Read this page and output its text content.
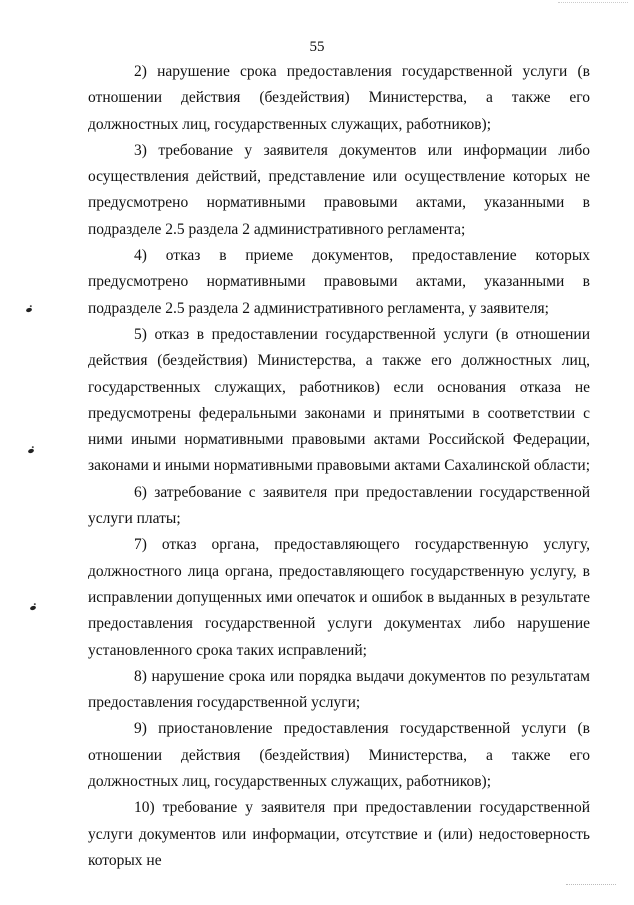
55

2) нарушение срока предоставления государственной услуги (в отношении действия (бездействия) Министерства, а также его должностных лиц, государственных служащих, работников);

3) требование у заявителя документов или информации либо осуществления действий, представление или осуществление которых не предусмотрено нормативными правовыми актами, указанными в подразделе 2.5 раздела 2 административного регламента;

4) отказ в приеме документов, предоставление которых предусмотрено нормативными правовыми актами, указанными в подразделе 2.5 раздела 2 административного регламента, у заявителя;

5) отказ в предоставлении государственной услуги (в отношении действия (бездействия) Министерства, а также его должностных лиц, государственных служащих, работников) если основания отказа не предусмотрены федеральными законами и принятыми в соответствии с ними иными нормативными правовыми актами Российской Федерации, законами и иными нормативными правовыми актами Сахалинской области;

6) затребование с заявителя при предоставлении государственной услуги платы;

7) отказ органа, предоставляющего государственную услугу, должностного лица органа, предоставляющего государственную услугу, в исправлении допущенных ими опечаток и ошибок в выданных в результате предоставления государственной услуги документах либо нарушение установленного срока таких исправлений;

8) нарушение срока или порядка выдачи документов по результатам предоставления государственной услуги;

9) приостановление предоставления государственной услуги (в отношении действия (бездействия) Министерства, а также его должностных лиц, государственных служащих, работников);

10) требование у заявителя при предоставлении государственной услуги документов или информации, отсутствие и (или) недостоверность которых не
